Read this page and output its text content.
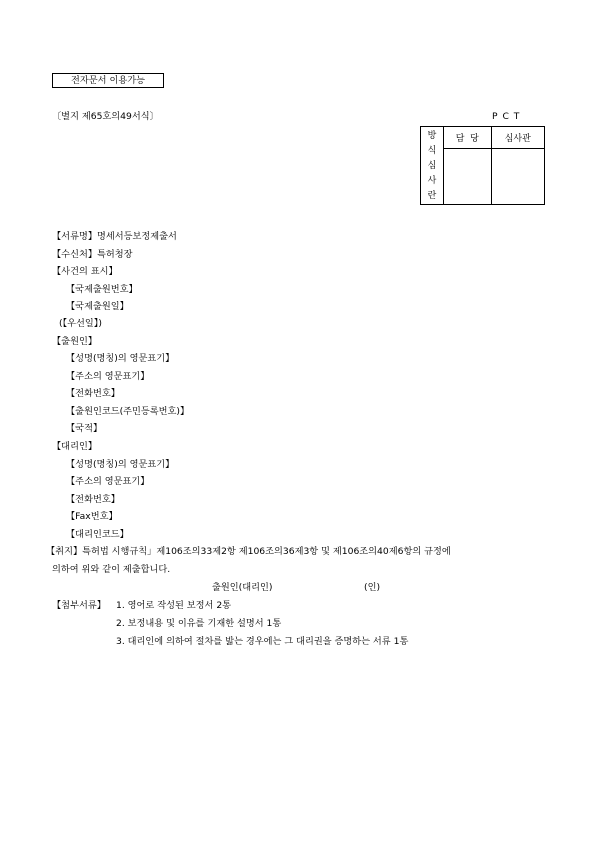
전자문서 이용가능
〔별지 제65호의49서식〕	P C T
방
식
심
사
란	담  당	심사관

【서류명】명세서등보정제출서
【수신처】특허청장
【사건의 표시】
【국제출원번호】
【국제출원일】
(【우선일】)
【출원인】
【성명(명칭)의 영문표기】
【주소의 영문표기】
【전화번호】
【출원인코드(주민등록번호)】
【국적】
【대리인】
【성명(명칭)의 영문표기】
【주소의 영문표기】
【전화번호】
【Fax번호】
【대리인코드】
【취지】특허법 시행규칙」제106조의33제2항 제106조의36제3항 및 제106조의40제6항의 규정에
의하여 위와 같이 제출합니다.
출원인(대리인)	(인)
【첨부서류】 1. 영어로 작성된 보정서 2통
2. 보정내용 및 이유를 기재한 설명서 1통
3. 대리인에 의하여 절차를 밟는 경우에는 그 대리권을 증명하는 서류 1통
